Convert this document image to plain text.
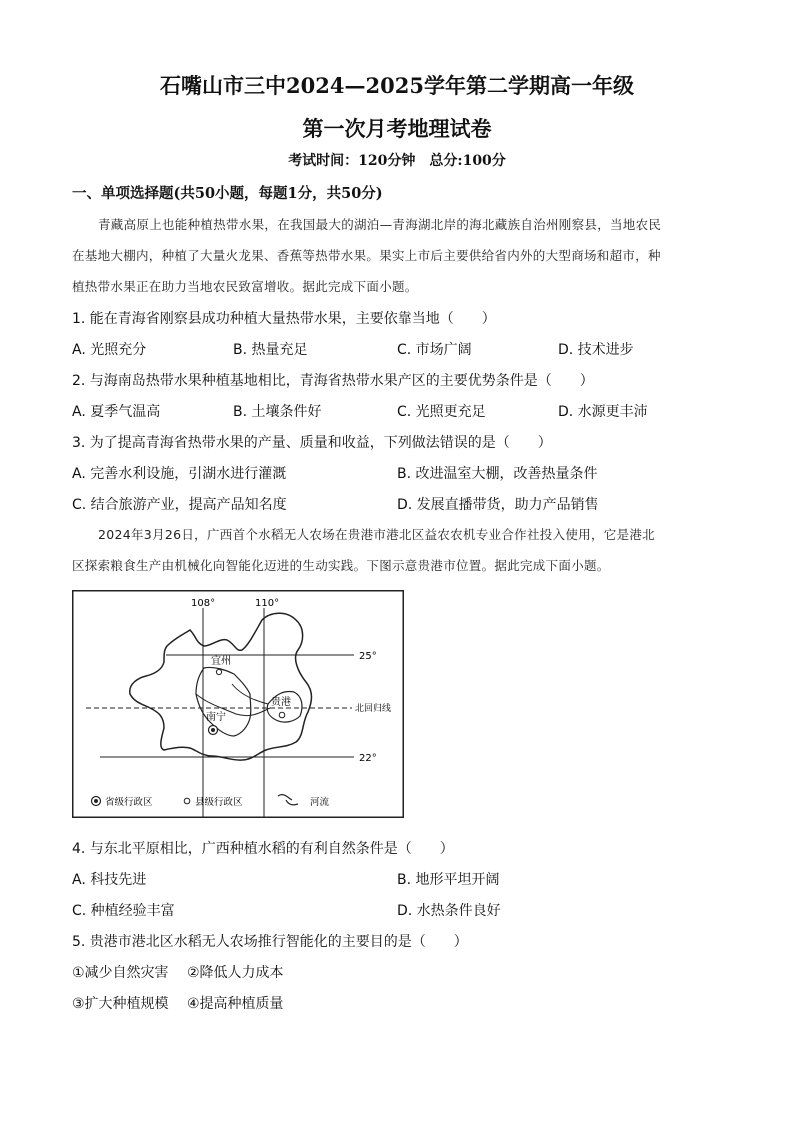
石嘴山市三中2024—2025学年第二学期高一年级
第一次月考地理试卷
考试时间：120分钟　总分:100分
一、单项选择题(共50小题，每题1分，共50分)
青藏高原上也能种植热带水果，在我国最大的湖泊—青海湖北岸的海北藏族自治州刚察县，当地农民
在基地大棚内，种植了大量火龙果、香蕉等热带水果。果实上市后主要供给省内外的大型商场和超市，种
植热带水果正在助力当地农民致富增收。据此完成下面小题。
1. 能在青海省刚察县成功种植大量热带水果，主要依靠当地（　　）
A. 光照充分	B. 热量充足	C. 市场广阔	D. 技术进步
2. 与海南岛热带水果种植基地相比，青海省热带水果产区的主要优势条件是（　　）
A. 夏季气温高	B. 土壤条件好	C. 光照更充足	D. 水源更丰沛
3. 为了提高青海省热带水果的产量、质量和收益，下列做法错误的是（　　）
A. 完善水利设施，引湖水进行灌溉	B. 改进温室大棚，改善热量条件
C. 结合旅游产业，提高产品知名度	D. 发展直播带货，助力产品销售
2024年3月26日，广西首个水稻无人农场在贵港市港北区益农农机专业合作社投入使用，它是港北
区探索粮食生产由机械化向智能化迈进的生动实践。下图示意贵港市位置。据此完成下面小题。
108°	110°
25°
22°
北回归线
宜州
贵港
南宁
省级行政区	县级行政区	河流
4. 与东北平原相比，广西种植水稻的有利自然条件是（　　）
A. 科技先进	B. 地形平坦开阔
C. 种植经验丰富	D. 水热条件良好
5. 贵港市港北区水稻无人农场推行智能化的主要目的是（　　）
①减少自然灾害　 ②降低人力成本
③扩大种植规模　 ④提高种植质量
